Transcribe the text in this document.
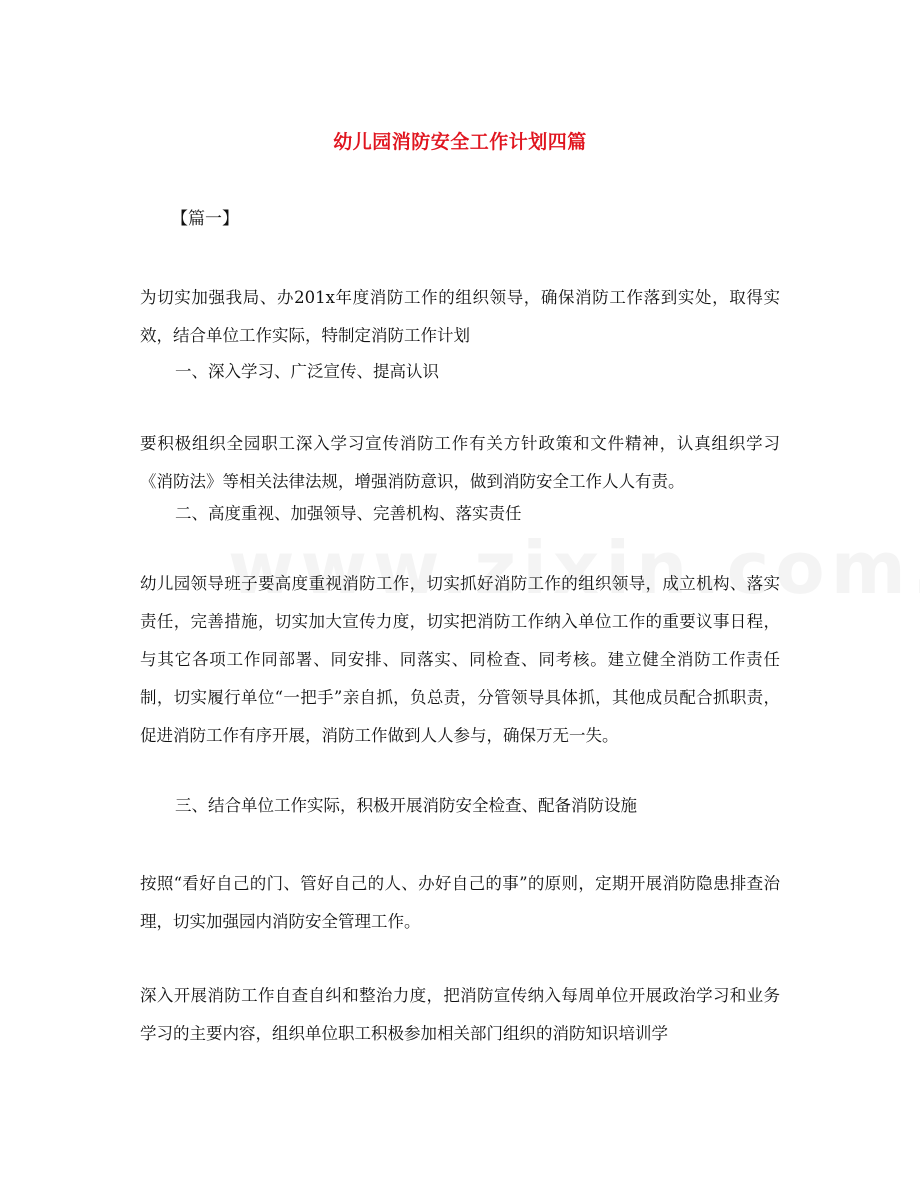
幼儿园消防安全工作计划四篇
【篇一】
为切实加强我局、办201x年度消防工作的组织领导，确保消防工作落到实处，取得实效，结合单位工作实际，特制定消防工作计划
一、深入学习、广泛宣传、提高认识
要积极组织全园职工深入学习宣传消防工作有关方针政策和文件精神，认真组织学习《消防法》等相关法律法规，增强消防意识，做到消防安全工作人人有责。
二、高度重视、加强领导、完善机构、落实责任
幼儿园领导班子要高度重视消防工作，切实抓好消防工作的组织领导，成立机构、落实责任，完善措施，切实加大宣传力度，切实把消防工作纳入单位工作的重要议事日程，与其它各项工作同部署、同安排、同落实、同检查、同考核。建立健全消防工作责任制，切实履行单位“一把手”亲自抓，负总责，分管领导具体抓，其他成员配合抓职责，促进消防工作有序开展，消防工作做到人人参与，确保万无一失。
三、结合单位工作实际，积极开展消防安全检查、配备消防设施
按照“看好自己的门、管好自己的人、办好自己的事”的原则，定期开展消防隐患排查治理，切实加强园内消防安全管理工作。
深入开展消防工作自查自纠和整治力度，把消防宣传纳入每周单位开展政治学习和业务学习的主要内容，组织单位职工积极参加相关部门组织的消防知识培训学
